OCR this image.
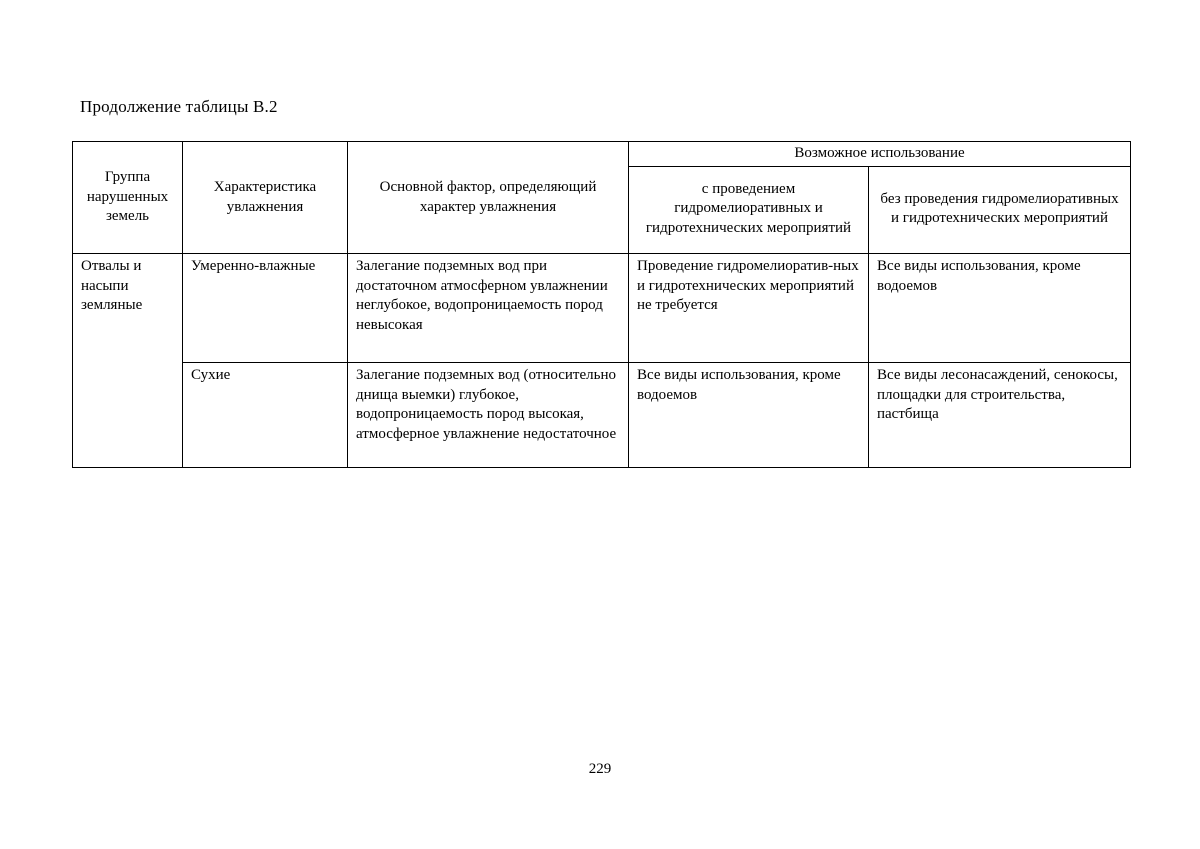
Продолжение таблицы В.2
Группа нарушенных земель	Характеристика увлажнения	Основной фактор, определяющий характер увлажнения	Возможное использование	
			с проведением гидромелиоративных и гидротехнических мероприятий	без проведения гидромелиоративных и гидротехнических мероприятий
Отвалы и насыпи земляные	Умеренно-влажные	Залегание подземных вод при достаточном атмосферном увлажнении неглубокое, водопроницаемость пород невысокая	Проведение гидромелиоратив-ных и гидротехнических мероприятий не требуется	Все виды использования, кроме водоемов
	Сухие	Залегание подземных вод (относительно днища выемки) глубокое, водопроницаемость пород высокая, атмосферное увлажнение недостаточное	Все виды использования, кроме водоемов	Все виды лесонасаждений, сенокосы, площадки для строительства, пастбища
229
